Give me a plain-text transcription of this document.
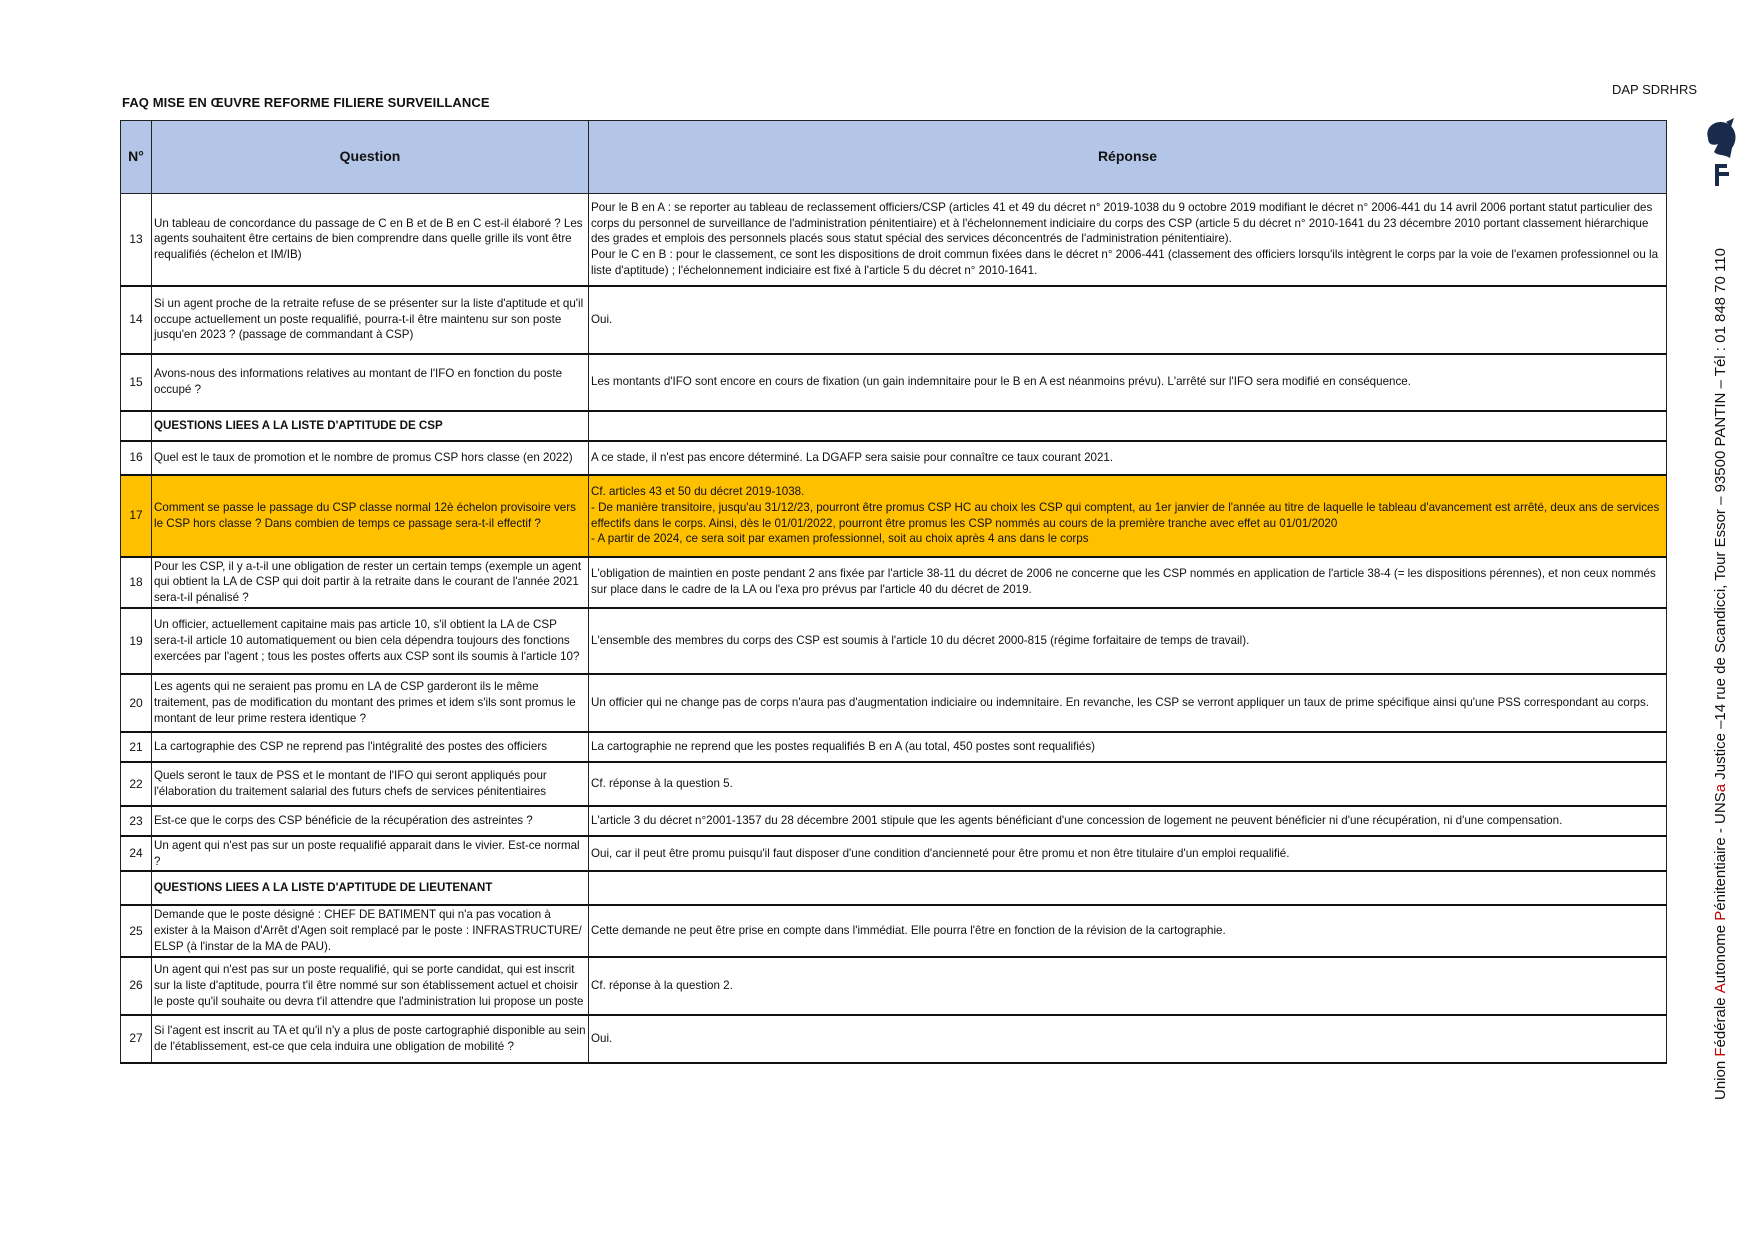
FAQ MISE EN ŒUVRE REFORME FILIERE SURVEILLANCE
DAP SDRHRS
N°	Question	Réponse
13	Un tableau de concordance du passage de C en B et de B en C est-il élaboré ? Les agents souhaitent être certains de bien comprendre dans quelle grille ils vont être requalifiés (échelon et IM/IB)	Pour le B en A : se reporter au tableau de reclassement officiers/CSP (articles 41 et 49 du décret n° 2019-1038 du 9 octobre 2019 modifiant le décret n° 2006-441 du 14 avril 2006 portant statut particulier des corps du personnel de surveillance de l'administration pénitentiaire) et à l'échelonnement indiciaire du corps des CSP (article 5 du décret n° 2010-1641 du 23 décembre 2010 portant classement hiérarchique des grades et emplois des personnels placés sous statut spécial des services déconcentrés de l'administration pénitentiaire).
Pour le C en B : pour le classement, ce sont les dispositions de droit commun fixées dans le décret n° 2006-441 (classement des officiers lorsqu'ils intègrent le corps par la voie de l'examen professionnel ou la liste d'aptitude) ; l'échelonnement indiciaire est fixé à l'article 5 du décret n° 2010-1641.

14	Si un agent proche de la retraite refuse de se présenter sur la liste d'aptitude et qu'il occupe actuellement un poste requalifié, pourra-t-il être maintenu sur son poste jusqu'en 2023 ? (passage de commandant à CSP)	Oui.

15	Avons-nous des informations relatives au montant de l'IFO en fonction du poste occupé ?	Les montants d'IFO sont encore en cours de fixation (un gain indemnitaire pour le B en A est néanmoins prévu). L'arrêté sur l'IFO sera modifié en conséquence.

	QUESTIONS LIEES A LA LISTE D'APTITUDE DE CSP	

16	Quel est le taux de promotion et le nombre de promus CSP hors classe (en 2022)	A ce stade, il n'est pas encore déterminé. La DGAFP sera saisie pour connaître ce taux courant 2021.

17	Comment se passe le passage du CSP classe normal 12è échelon provisoire vers le CSP hors classe ? Dans combien de temps ce passage sera-t-il effectif ?	Cf. articles 43 et 50 du décret 2019-1038.
- De manière transitoire, jusqu'au 31/12/23, pourront être promus CSP HC au choix les CSP qui comptent, au 1er janvier de l'année au titre de laquelle le tableau d'avancement est arrêté, deux ans de services effectifs dans le corps. Ainsi, dès le 01/01/2022, pourront être promus les CSP nommés au cours de la première tranche avec effet au 01/01/2020
- A partir de 2024, ce sera soit par examen professionnel, soit au choix après 4 ans dans le corps

18	Pour les CSP, il y a-t-il une obligation de rester un certain temps (exemple un agent qui obtient la LA de CSP qui doit partir à la retraite dans le courant de l'année 2021 sera-t-il pénalisé ?	L'obligation de maintien en poste pendant 2 ans fixée par l'article 38-11 du décret de 2006 ne concerne que les CSP nommés en application de l'article 38-4 (= les dispositions pérennes), et non ceux nommés sur place dans le cadre de la LA ou l'exa pro prévus par l'article 40 du décret de 2019.

19	Un officier, actuellement capitaine mais pas article 10, s'il obtient la LA de CSP sera-t-il article 10 automatiquement ou bien cela dépendra toujours des fonctions exercées par l'agent ; tous les postes offerts aux CSP sont ils soumis à l'article 10?	L'ensemble des membres du corps des CSP est soumis à l'article 10 du décret 2000-815 (régime forfaitaire de temps de travail).

20	Les agents qui ne seraient pas promu en LA de CSP garderont ils le même traitement, pas de modification du montant des primes et idem s'ils sont promus le montant de leur prime restera identique ?	Un officier qui ne change pas de corps n'aura pas d'augmentation indiciaire ou indemnitaire. En revanche, les CSP se verront appliquer un taux de prime spécifique ainsi qu'une PSS correspondant au corps.

21	La cartographie des CSP ne reprend pas l'intégralité des postes des officiers	La cartographie ne reprend que les postes requalifiés B en A (au total, 450 postes sont requalifiés)

22	Quels seront le taux de PSS et le montant de l'IFO qui seront appliqués pour l'élaboration du traitement salarial des futurs chefs de services pénitentiaires	Cf. réponse à la question 5.

23	Est-ce que le corps des CSP bénéficie de la récupération des astreintes ?	L'article 3 du décret n°2001-1357 du 28 décembre 2001 stipule que les agents bénéficiant d'une concession de logement ne peuvent bénéficier ni d'une récupération, ni d'une compensation.

24	Un agent qui n'est pas sur un poste requalifié apparait dans le vivier. Est-ce normal ?	Oui, car il peut être promu puisqu'il faut disposer d'une condition d'ancienneté pour être promu et non être titulaire d'un emploi requalifié.

	QUESTIONS LIEES A LA LISTE D'APTITUDE DE LIEUTENANT	

25	Demande que le poste désigné : CHEF DE BATIMENT qui n'a pas vocation à exister à la Maison d'Arrêt d'Agen soit remplacé par le poste : INFRASTRUCTURE/ ELSP (à l'instar de la MA de PAU).	Cette demande ne peut être prise en compte dans l'immédiat. Elle pourra l'être en fonction de la révision de la cartographie.

26	Un agent qui n'est pas sur un poste requalifié, qui se porte candidat, qui est inscrit sur la liste d'aptitude, pourra t'il être nommé sur son établissement actuel et choisir le poste qu'il souhaite ou devra t'il attendre que l'administration lui propose un poste	Cf. réponse à la question 2.

27	Si l'agent est inscrit au TA et qu'il n'y a plus de poste cartographié disponible au sein de l'établissement, est-ce que cela induira une obligation de mobilité ?	Oui.
Union Fédérale Autonome Pénitentiaire - UNSa Justice –14 rue de Scandicci, Tour Essor – 93500 PANTIN – Tél : 01 848 70 110
